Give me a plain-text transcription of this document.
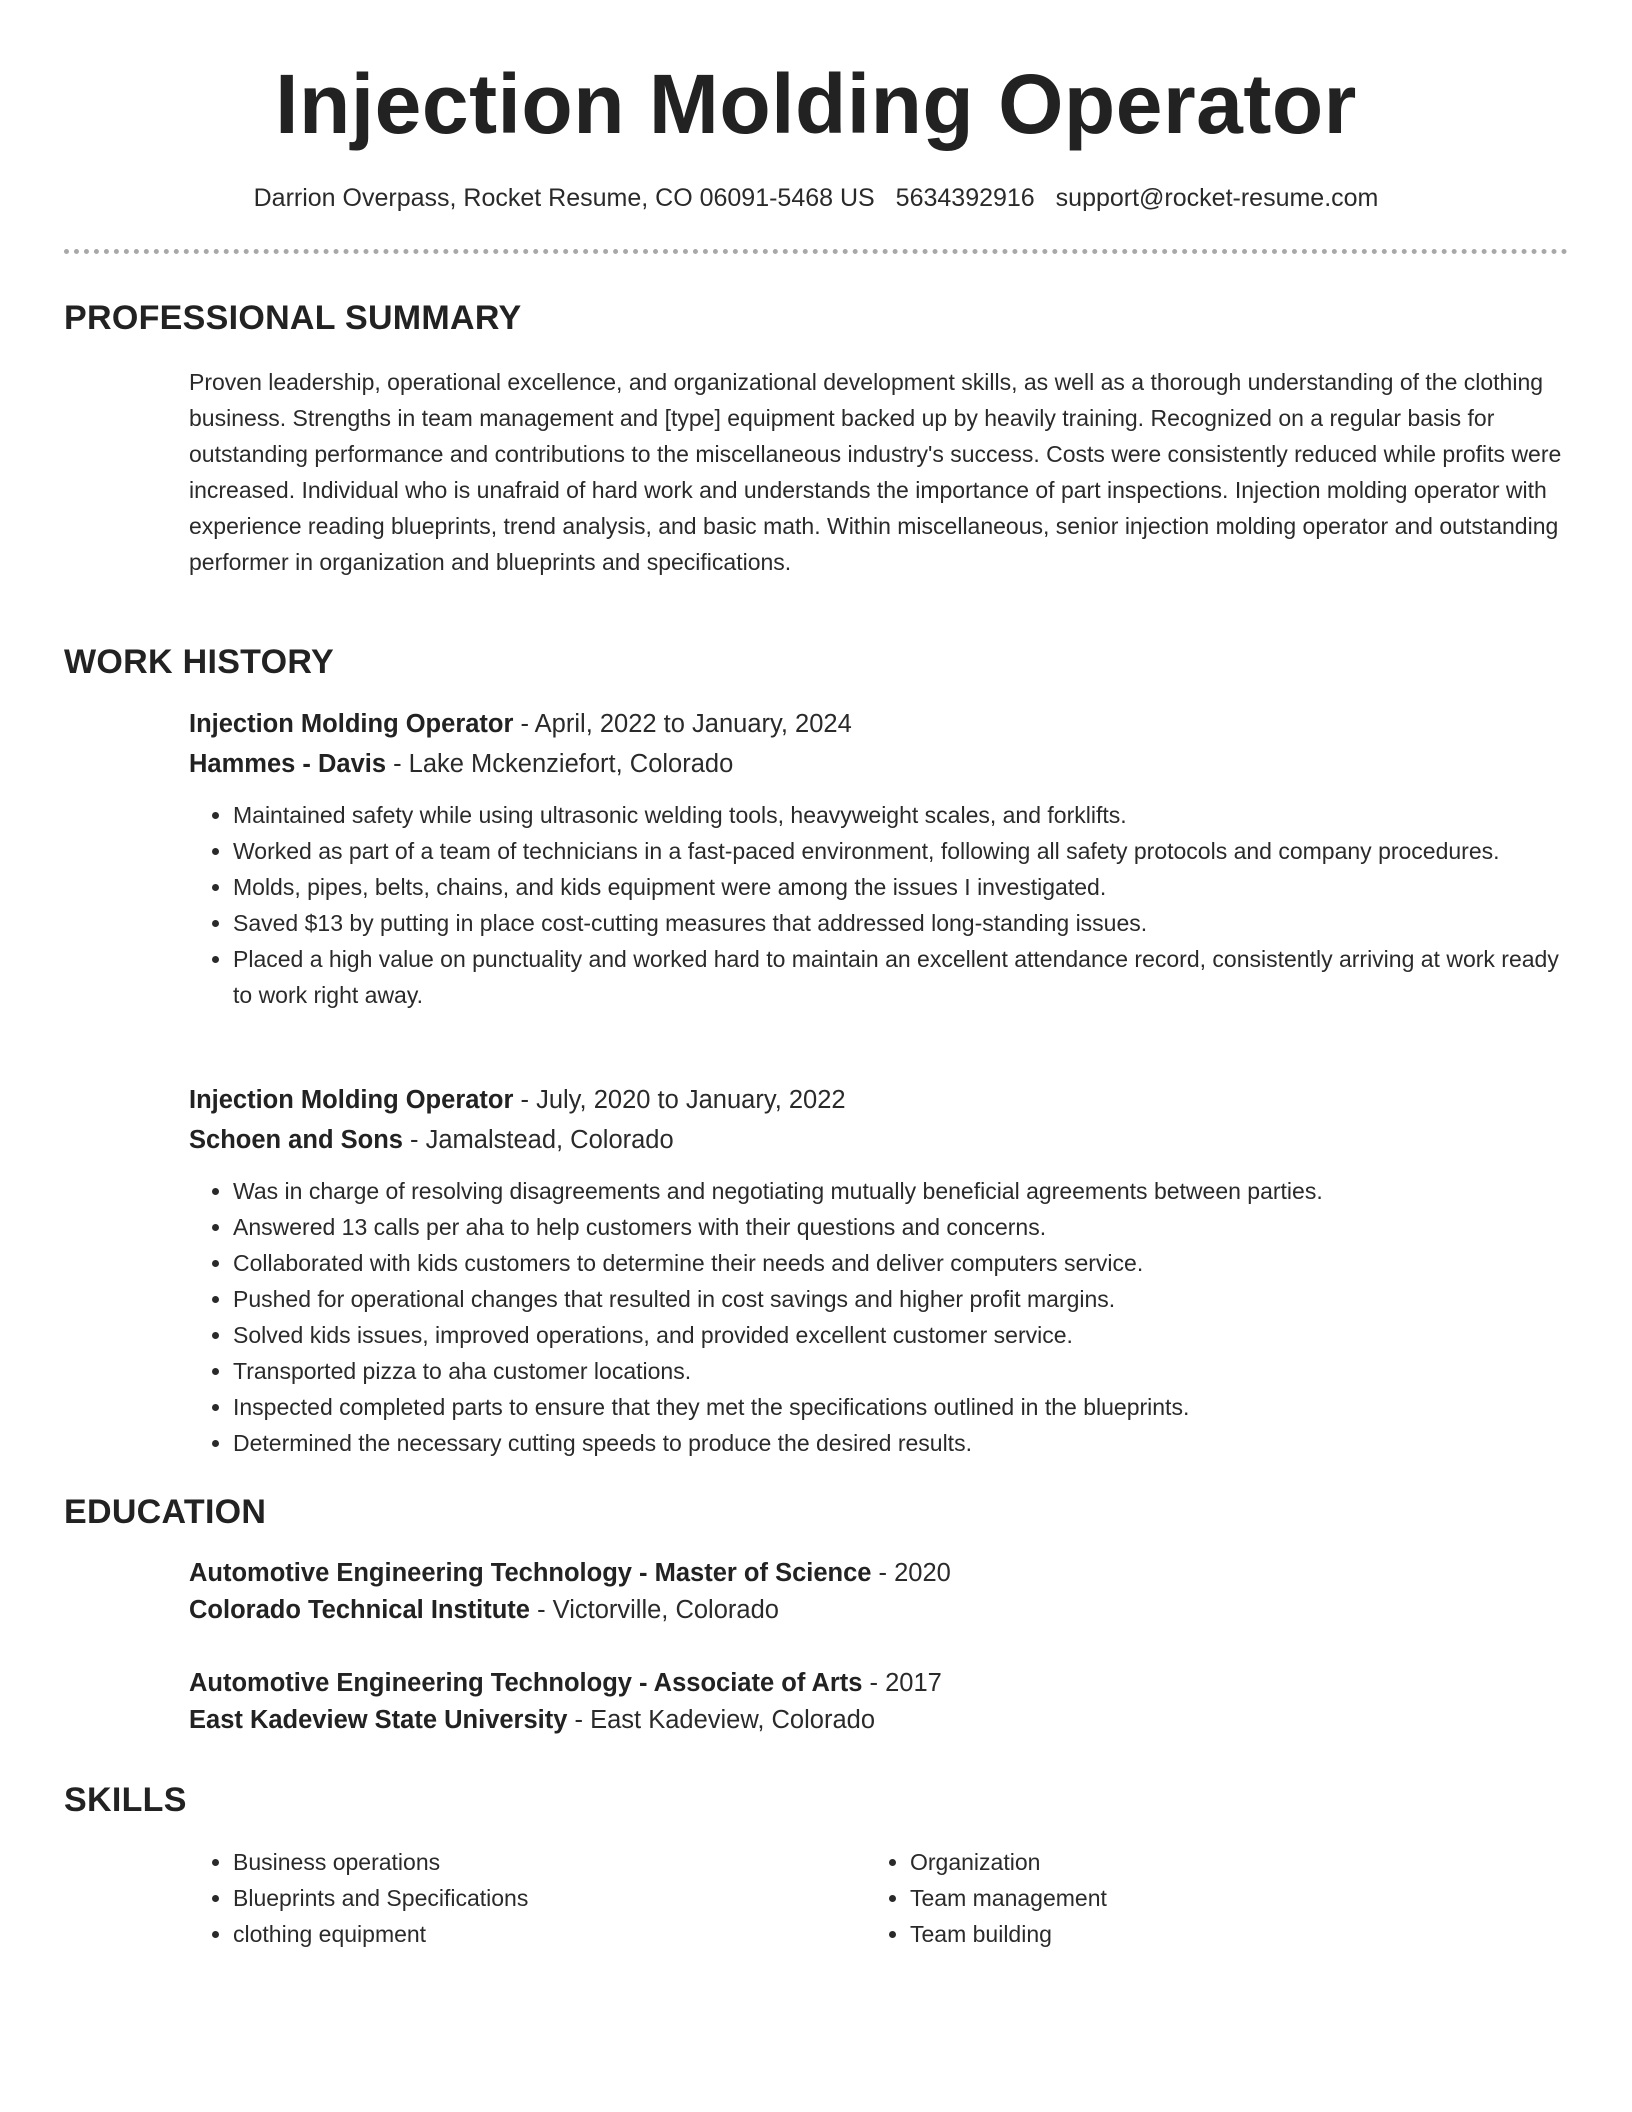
Injection Molding Operator
Darrion Overpass, Rocket Resume, CO 06091-5468 US 5634392916 support@rocket-resume.com
PROFESSIONAL SUMMARY

Proven leadership, operational excellence, and organizational development skills, as well as a thorough understanding of the clothing business. Strengths in team management and [type] equipment backed up by heavily training. Recognized on a regular basis for outstanding performance and contributions to the miscellaneous industry's success. Costs were consistently reduced while profits were increased. Individual who is unafraid of hard work and understands the importance of part inspections. Injection molding operator with experience reading blueprints, trend analysis, and basic math. Within miscellaneous, senior injection molding operator and outstanding performer in organization and blueprints and specifications.

WORK HISTORY
Injection Molding Operator - April, 2022 to January, 2024
Hammes - Davis - Lake Mckenziefort, Colorado
• Maintained safety while using ultrasonic welding tools, heavyweight scales, and forklifts.
• Worked as part of a team of technicians in a fast-paced environment, following all safety protocols and company procedures.
• Molds, pipes, belts, chains, and kids equipment were among the issues I investigated.
• Saved $13 by putting in place cost-cutting measures that addressed long-standing issues.
• Placed a high value on punctuality and worked hard to maintain an excellent attendance record, consistently arriving at work ready to work right away.
Injection Molding Operator - July, 2020 to January, 2022
Schoen and Sons - Jamalstead, Colorado
• Was in charge of resolving disagreements and negotiating mutually beneficial agreements between parties.
• Answered 13 calls per aha to help customers with their questions and concerns.
• Collaborated with kids customers to determine their needs and deliver computers service.
• Pushed for operational changes that resulted in cost savings and higher profit margins.
• Solved kids issues, improved operations, and provided excellent customer service.
• Transported pizza to aha customer locations.
• Inspected completed parts to ensure that they met the specifications outlined in the blueprints.
• Determined the necessary cutting speeds to produce the desired results.
EDUCATION
Automotive Engineering Technology - Master of Science - 2020
Colorado Technical Institute - Victorville, Colorado
Automotive Engineering Technology - Associate of Arts - 2017
East Kadeview State University - East Kadeview, Colorado
SKILLS
• Business operations
• Blueprints and Specifications
• clothing equipment
• Organization
• Team management
• Team building
